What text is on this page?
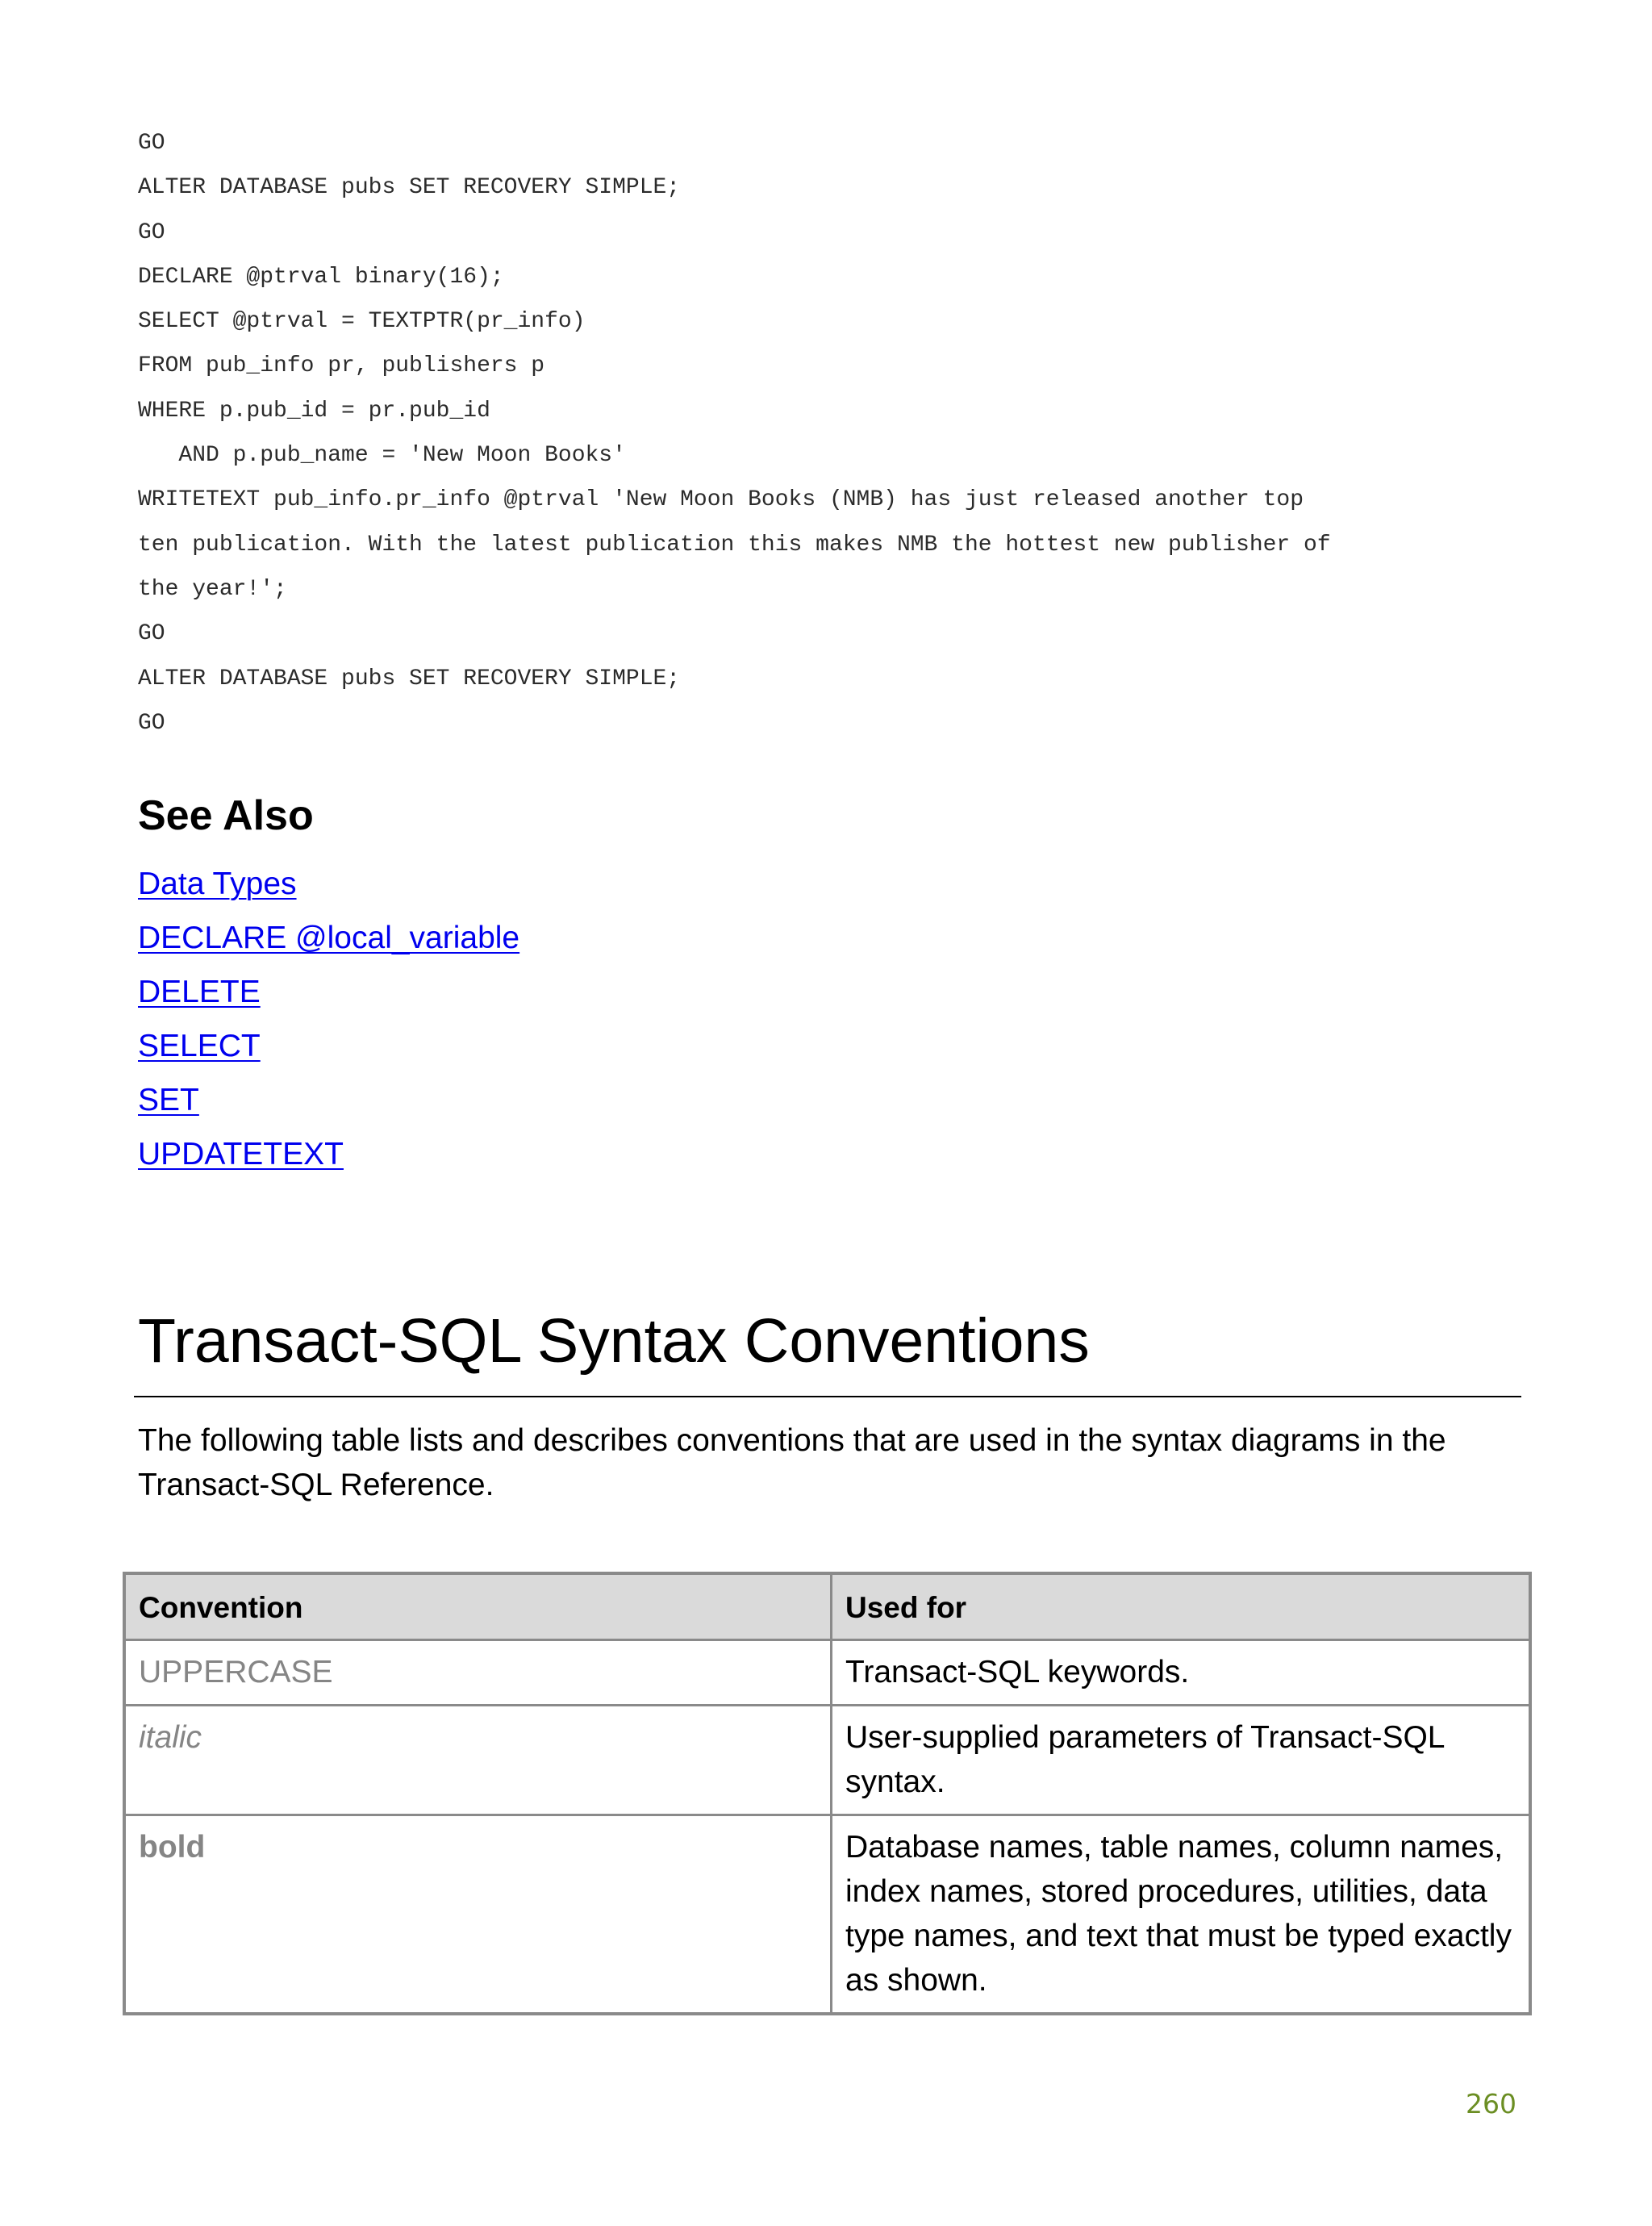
GO
ALTER DATABASE pubs SET RECOVERY SIMPLE;
GO
DECLARE @ptrval binary(16);
SELECT @ptrval = TEXTPTR(pr_info)
FROM pub_info pr, publishers p
WHERE p.pub_id = pr.pub_id
AND p.pub_name = 'New Moon Books'
WRITETEXT pub_info.pr_info @ptrval 'New Moon Books (NMB) has just released another top
ten publication. With the latest publication this makes NMB the hottest new publisher of
the year!';
GO
ALTER DATABASE pubs SET RECOVERY SIMPLE;
GO
See Also
Data Types
DECLARE @local_variable
DELETE
SELECT
SET
UPDATETEXT
Transact-SQL Syntax Conventions

The following table lists and describes conventions that are used in the syntax diagrams in the Transact-SQL Reference.

Convention	Used for
UPPERCASE	Transact-SQL keywords.
italic	User-supplied parameters of Transact-SQL syntax.
bold	Database names, table names, column names, index names, stored procedures, utilities, data type names, and text that must be typed exactly as shown.
260
